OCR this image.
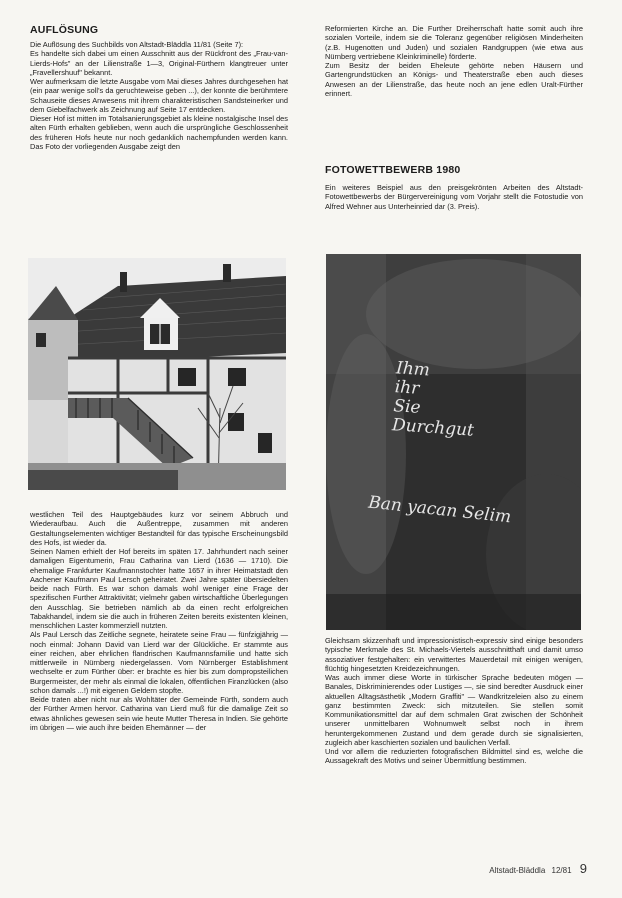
AUFLÖSUNG

Die Auflösung des Suchbilds von Altstadt-Bläddla 11/81 (Seite 7):

Es handelte sich dabei um einen Ausschnitt aus der Rückfront des „Frau-van-Lierds-Hofs" an der Lilienstraße 1—3, Original-Fürthern klangtreuer unter „Fravellershuuf" bekannt.

Wer aufmerksam die letzte Ausgabe vom Mai dieses Jahres durchgesehen hat (ein paar wenige soll's da geruchteweise geben ...), der konnte die berühmtere Schauseite dieses Anwesens mit ihrem charakteristischen Sandsteinerker und dem Giebelfachwerk als Zeichnung auf Seite 17 entdecken.

Dieser Hof ist mitten im Totalsanierungsgebiet als kleine nostalgische Insel des alten Fürth erhalten geblieben, wenn auch die ursprüngliche Geschlossenheit des früheren Hofs heute nur noch gedanklich nachempfunden werden kann. Das Foto der vorliegenden Ausgabe zeigt den

westlichen Teil des Hauptgebäudes kurz vor seinem Abbruch und Wiederaufbau. Auch die Außentreppe, zusammen mit anderen Gestaltungselementen wichtiger Bestandteil für das typische Erscheinungsbild des Hofs, ist wieder da.

Seinen Namen erhielt der Hof bereits im späten 17. Jahrhundert nach seiner damaligen Eigentumerin, Frau Catharina van Lierd (1636 — 1710). Die ehemalige Frankfurter Kaufmannstochter hatte 1657 in ihrer Heimatstadt den Aachener Kaufmann Paul Lersch geheiratet. Zwei Jahre später übersiedelten beide nach Fürth. Es war schon damals wohl weniger eine Frage der spezifischen Further Attraktivität; vielmehr gaben wirtschaftliche Überlegungen den Ausschlag. Sie betrieben nämlich ab da einen recht erfolgreichen Tabakhandel, indem sie die auch in früheren Zeiten bereits existenten kleinen, menschlichen Laster kommerziell nutzten.

Als Paul Lersch das Zeitliche segnete, heiratete seine Frau — fünfzigjährig — noch einmal: Johann David van Lierd war der Glückliche. Er stammte aus einer reichen, aber ehrlichen flandrischen Kaufmannsfamilie und hatte sich mittlerweile in Nürnberg niedergelassen. Vom Nürnberger Establishment wechselte er zum Fürther über: er brachte es hier bis zum dompropsteilichen Burgermeister, der mehr als einmal die lokalen, öffentlichen Firanzlücken (also schon damals ...!) mit eigenen Geldern stopfte.

Beide traten aber nicht nur als Wohltäter der Gemeinde Fürth, sondern auch der Fürther Armen hervor. Catharina van Lierd muß für die damalige Zeit so etwas ähnliches gewesen sein wie heute Mutter Theresa in Indien. Sie gehörte im übrigen — wie auch ihre beiden Ehemänner — der

Reformierten Kirche an. Die Further Dreiherrschaft hatte somit auch ihre sozialen Vorteile, indem sie die Toleranz gegenüber religiösen Minderheiten (z.B. Hugenotten und Juden) und sozialen Randgruppen (wie etwa aus Nürnberg vertriebene Kleinkriminelle) förderte.

Zum Besitz der beiden Eheleute gehörte neben Häusern und Gartengrundstücken an Königs- und Theaterstraße eben auch dieses Anwesen an der Lilienstraße, das heute noch an jene edlen Uralt-Fürther erinnert.

FOTOWETTBEWERB 1980

Ein weiteres Beispiel aus den preisgekrönten Arbeiten des Altstadt-Fotowettbewerbs der Bürgervereinigung vom Vorjahr stellt die Fotostudie von Alfred Wehner aus Unterheinried dar (3. Preis).

Ihm
ihr
Sie
Durchgut
Ban yacan Selim

Gleichsam skizzenhaft und impressionistisch-expressiv sind einige besonders typische Merkmale des St. Michaels-Viertels ausschnitthaft und damit umso assoziativer festgehalten: ein verwittertes Mauerdetail mit einigen wenigen, flüchtig hingesetzten Kreidezeichnungen.

Was auch immer diese Worte in türkischer Sprache bedeuten mögen — Banales, Diskriminierendes oder Lustiges —, sie sind beredter Ausdruck einer aktuellen Alltagsästhetik „Modern Graffiti" — Wandkritzeleien also zu einem ganz bestimmten Zweck: sich mitzuteilen. Sie stellen somit Kommunikationsmittel dar auf dem schmalen Grat zwischen der Schönheit unserer unmittelbaren Wohnumwelt selbst noch in ihrem heruntergekommenen Zustand und dem gerade durch sie signalisierten, zugleich aber kaschierten sozialen und baulichen Verfall.

Und vor allem die reduzierten fotografischen Bildmittel sind es, welche die Aussagekraft des Motivs und seiner Übermittlung bestimmen.

Altstadt-Bläddla 12/81 9
